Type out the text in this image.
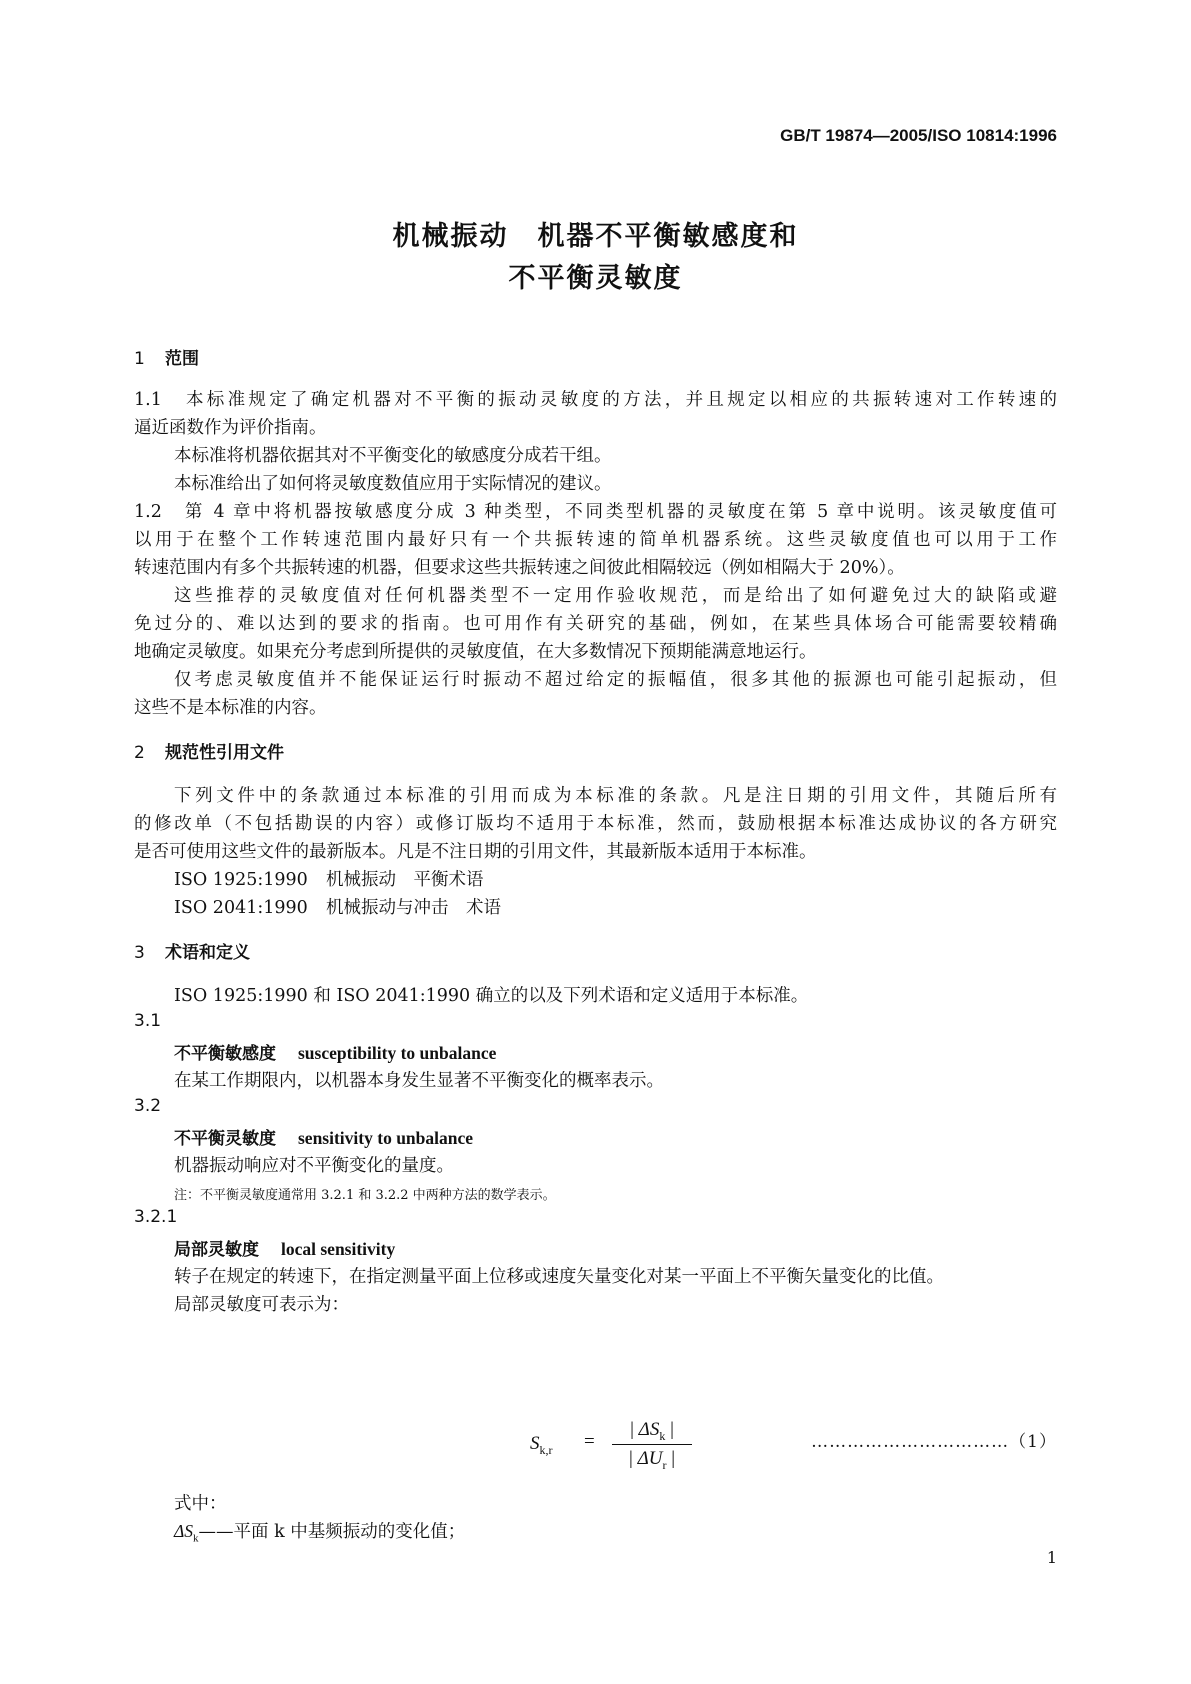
GB/T 19874—2005/ISO 10814:1996
机械振动　机器不平衡敏感度和
不平衡灵敏度
1 范围
1.1　本标准规定了确定机器对不平衡的振动灵敏度的方法，并且规定以相应的共振转速对工作转速的
逼近函数作为评价指南。
本标准将机器依据其对不平衡变化的敏感度分成若干组。
本标准给出了如何将灵敏度数值应用于实际情况的建议。
1.2　第 4 章中将机器按敏感度分成 3 种类型，不同类型机器的灵敏度在第 5 章中说明。该灵敏度值可
以用于在整个工作转速范围内最好只有一个共振转速的简单机器系统。这些灵敏度值也可以用于工作
转速范围内有多个共振转速的机器，但要求这些共振转速之间彼此相隔较远（例如相隔大于 20%）。
这些推荐的灵敏度值对任何机器类型不一定用作验收规范，而是给出了如何避免过大的缺陷或避
免过分的、难以达到的要求的指南。也可用作有关研究的基础，例如，在某些具体场合可能需要较精确
地确定灵敏度。如果充分考虑到所提供的灵敏度值，在大多数情况下预期能满意地运行。
仅考虑灵敏度值并不能保证运行时振动不超过给定的振幅值，很多其他的振源也可能引起振动，但
这些不是本标准的内容。
2 规范性引用文件
下列文件中的条款通过本标准的引用而成为本标准的条款。凡是注日期的引用文件，其随后所有
的修改单（不包括勘误的内容）或修订版均不适用于本标准，然而，鼓励根据本标准达成协议的各方研究
是否可使用这些文件的最新版本。凡是不注日期的引用文件，其最新版本适用于本标准。
ISO 1925:1990 机械振动　平衡术语
ISO 2041:1990 机械振动与冲击　术语
3 术语和定义
ISO 1925:1990 和 ISO 2041:1990 确立的以及下列术语和定义适用于本标准。
3.1
不平衡敏感度 susceptibility to unbalance
在某工作期限内，以机器本身发生显著不平衡变化的概率表示。
3.2
不平衡灵敏度 sensitivity to unbalance
机器振动响应对不平衡变化的量度。
注：不平衡灵敏度通常用 3.2.1 和 3.2.2 中两种方法的数学表示。
3.2.1
局部灵敏度 local sensitivity
转子在规定的转速下，在指定测量平面上位移或速度矢量变化对某一平面上不平衡矢量变化的比值。
局部灵敏度可表示为：
$S_{k,r}$ =
| $\Delta S_k$ |
| $\Delta U_r$ |
……………………………（1）
式中：
$\Delta S_k——$平面 k 中基频振动的变化值；
1
